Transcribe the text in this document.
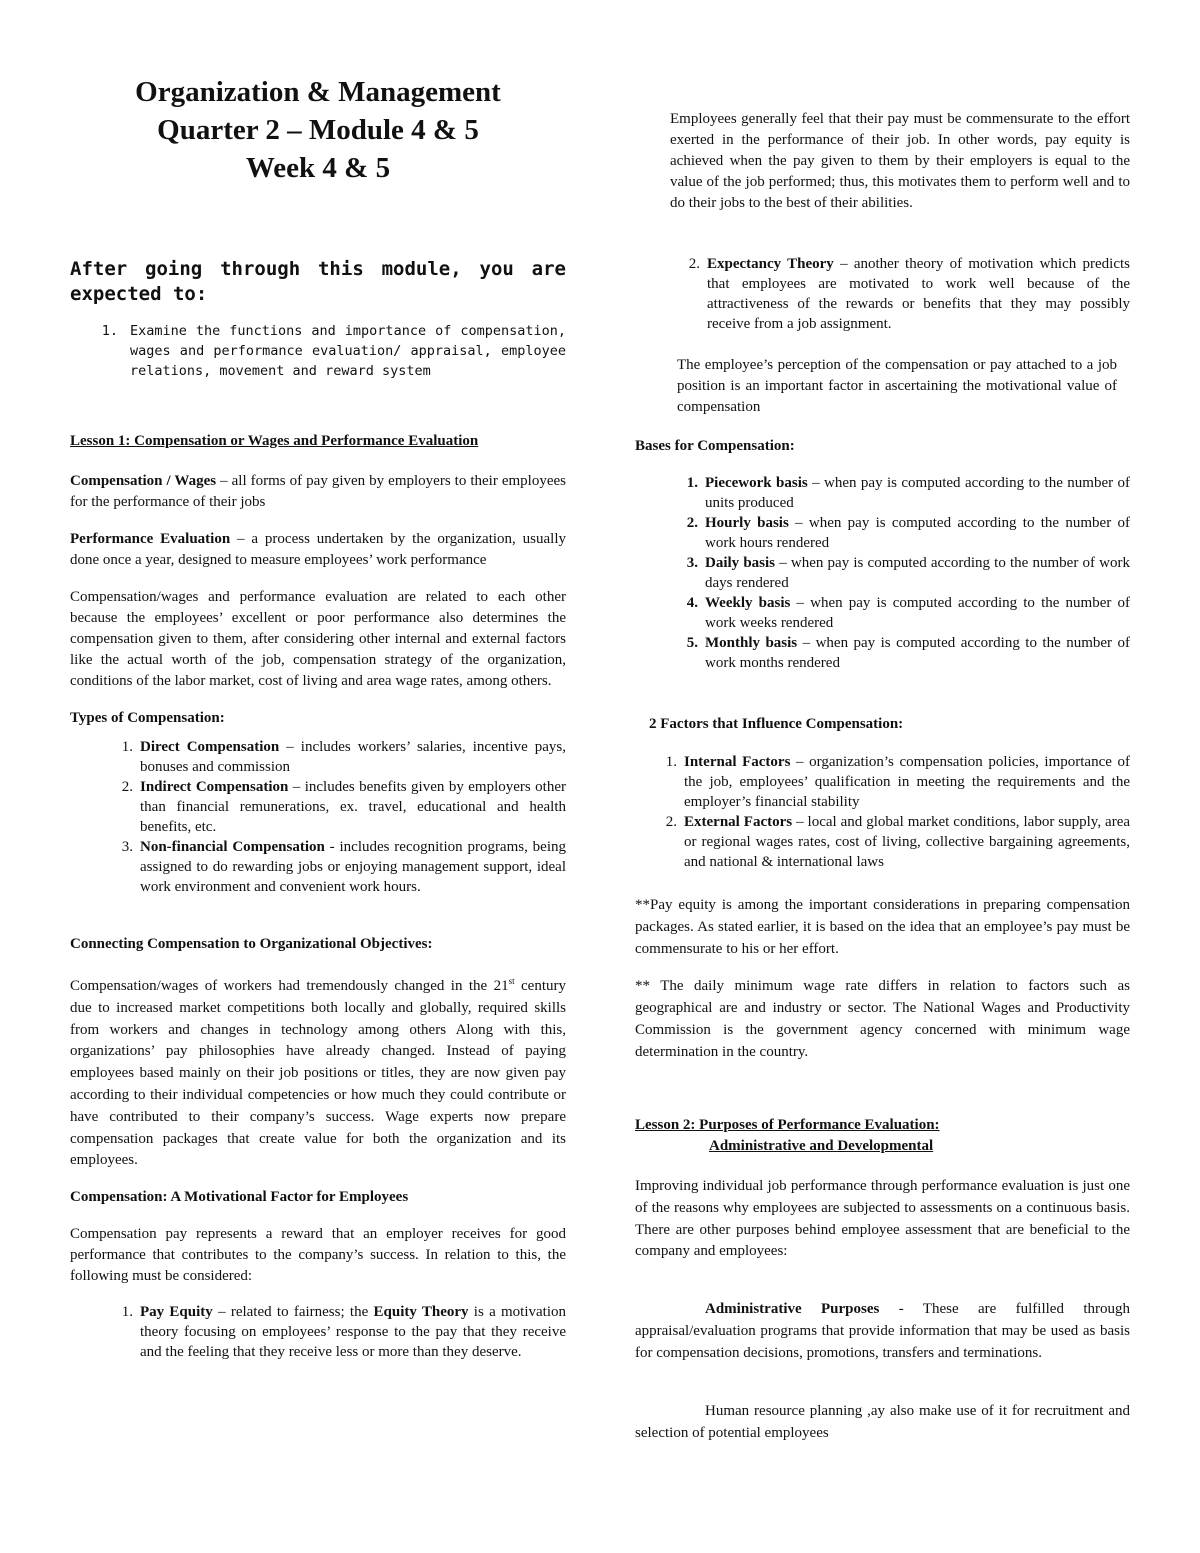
Organization & Management

Quarter 2 – Module 4 & 5

Week 4 & 5

After going through this module, you are expected to:

1. Examine the functions and importance of compensation, wages and performance evaluation/ appraisal, employee relations, movement and reward system
Lesson 1: Compensation or Wages and Performance Evaluation

Compensation / Wages – all forms of pay given by employers to their employees for the performance of their jobs

Performance Evaluation – a process undertaken by the organization, usually done once a year, designed to measure employees’ work performance

Compensation/wages and performance evaluation are related to each other because the employees’ excellent or poor performance also determines the compensation given to them, after considering other internal and external factors like the actual worth of the job, compensation strategy of the organization, conditions of the labor market, cost of living and area wage rates, among others.

Types of Compensation:
1. Direct Compensation – includes workers’ salaries, incentive pays, bonuses and commission
2. Indirect Compensation – includes benefits given by employers other than financial remunerations, ex. travel, educational and health benefits, etc.
3. Non-financial Compensation - includes recognition programs, being assigned to do rewarding jobs or enjoying management support, ideal work environment and convenient work hours.
Connecting Compensation to Organizational Objectives:

Compensation/wages of workers had tremendously changed in the 21st century due to increased market competitions both locally and globally, required skills from workers and changes in technology among others Along with this, organizations’ pay philosophies have already changed. Instead of paying employees based mainly on their job positions or titles, they are now given pay according to their individual competencies or how much they could contribute or have contributed to their company’s success. Wage experts now prepare compensation packages that create value for both the organization and its employees.

Compensation: A Motivational Factor for Employees

Compensation pay represents a reward that an employer receives for good performance that contributes to the company’s success. In relation to this, the following must be considered:

1. Pay Equity – related to fairness; the Equity Theory is a motivation theory focusing on employees’ response to the pay that they receive and the feeling that they receive less or more than they deserve.

Employees generally feel that their pay must be commensurate to the effort exerted in the performance of their job. In other words, pay equity is achieved when the pay given to them by their employers is equal to the value of the job performed; thus, this motivates them to perform well and to do their jobs to the best of their abilities.

2. Expectancy Theory – another theory of motivation which predicts that employees are motivated to work well because of the attractiveness of the rewards or benefits that they may possibly receive from a job assignment.

The employee’s perception of the compensation or pay attached to a job position is an important factor in ascertaining the motivational value of compensation

Bases for Compensation:
1. Piecework basis – when pay is computed according to the number of units produced
2. Hourly basis – when pay is computed according to the number of work hours rendered
3. Daily basis – when pay is computed according to the number of work days rendered
4. Weekly basis – when pay is computed according to the number of work weeks rendered
5. Monthly basis – when pay is computed according to the number of work months rendered
2 Factors that Influence Compensation:
1. Internal Factors – organization’s compensation policies, importance of the job, employees’ qualification in meeting the requirements and the employer’s financial stability
2. External Factors – local and global market conditions, labor supply, area or regional wages rates, cost of living, collective bargaining agreements, and national & international laws

**Pay equity is among the important considerations in preparing compensation packages. As stated earlier, it is based on the idea that an employee’s pay must be commensurate to his or her effort.

** The daily minimum wage rate differs in relation to factors such as geographical are and industry or sector. The National Wages and Productivity Commission is the government agency concerned with minimum wage determination in the country.

Lesson 2: Purposes of Performance Evaluation:
Administrative and Developmental

Improving individual job performance through performance evaluation is just one of the reasons why employees are subjected to assessments on a continuous basis. There are other purposes behind employee assessment that are beneficial to the company and employees:

Administrative Purposes - These are fulfilled through appraisal/evaluation programs that provide information that may be used as basis for compensation decisions, promotions, transfers and terminations.

Human resource planning ,ay also make use of it for recruitment and selection of potential employees
